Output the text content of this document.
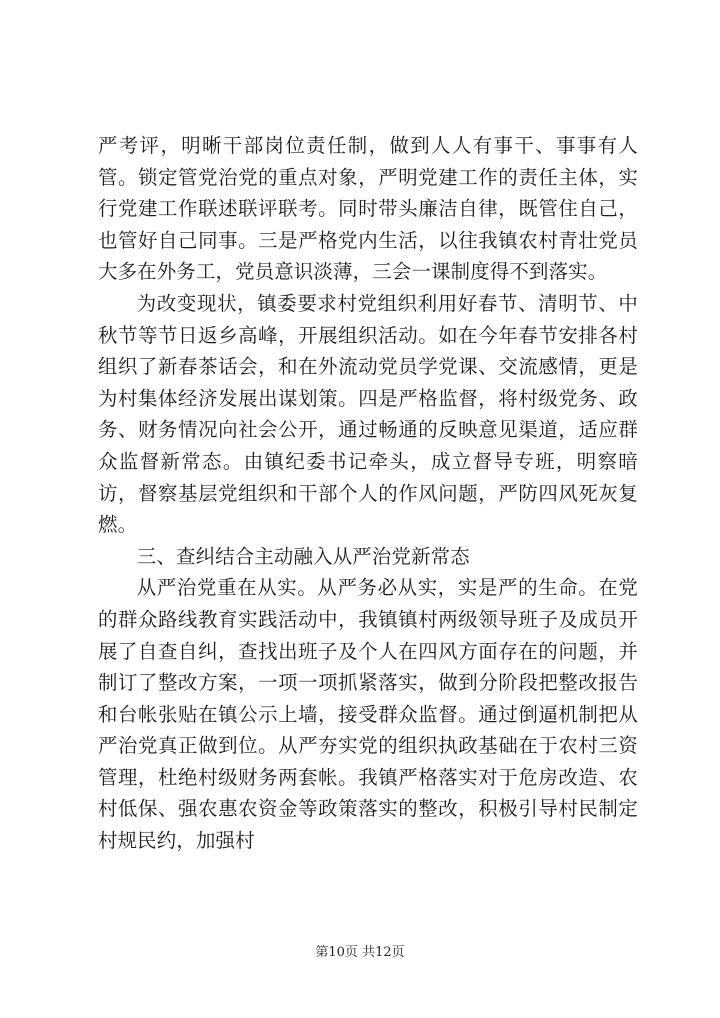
严考评，明晰干部岗位责任制，做到人人有事干、事事有人管。锁定管党治党的重点对象，严明党建工作的责任主体，实行党建工作联述联评联考。同时带头廉洁自律，既管住自己，也管好自己同事。三是严格党内生活，以往我镇农村青壮党员大多在外务工，党员意识淡薄，三会一课制度得不到落实。

为改变现状，镇委要求村党组织利用好春节、清明节、中秋节等节日返乡高峰，开展组织活动。如在今年春节安排各村组织了新春茶话会，和在外流动党员学党课、交流感情，更是为村集体经济发展出谋划策。四是严格监督，将村级党务、政务、财务情况向社会公开，通过畅通的反映意见渠道，适应群众监督新常态。由镇纪委书记牵头，成立督导专班，明察暗访，督察基层党组织和干部个人的作风问题，严防四风死灰复燃。

三、查纠结合主动融入从严治党新常态

从严治党重在从实。从严务必从实，实是严的生命。在党的群众路线教育实践活动中，我镇镇村两级领导班子及成员开展了自查自纠，查找出班子及个人在四风方面存在的问题，并制订了整改方案，一项一项抓紧落实，做到分阶段把整改报告和台帐张贴在镇公示上墙，接受群众监督。通过倒逼机制把从严治党真正做到位。从严夯实党的组织执政基础在于农村三资管理，杜绝村级财务两套帐。我镇严格落实对于危房改造、农村低保、强农惠农资金等政策落实的整改，积极引导村民制定村规民约，加强村

第10页 共12页
